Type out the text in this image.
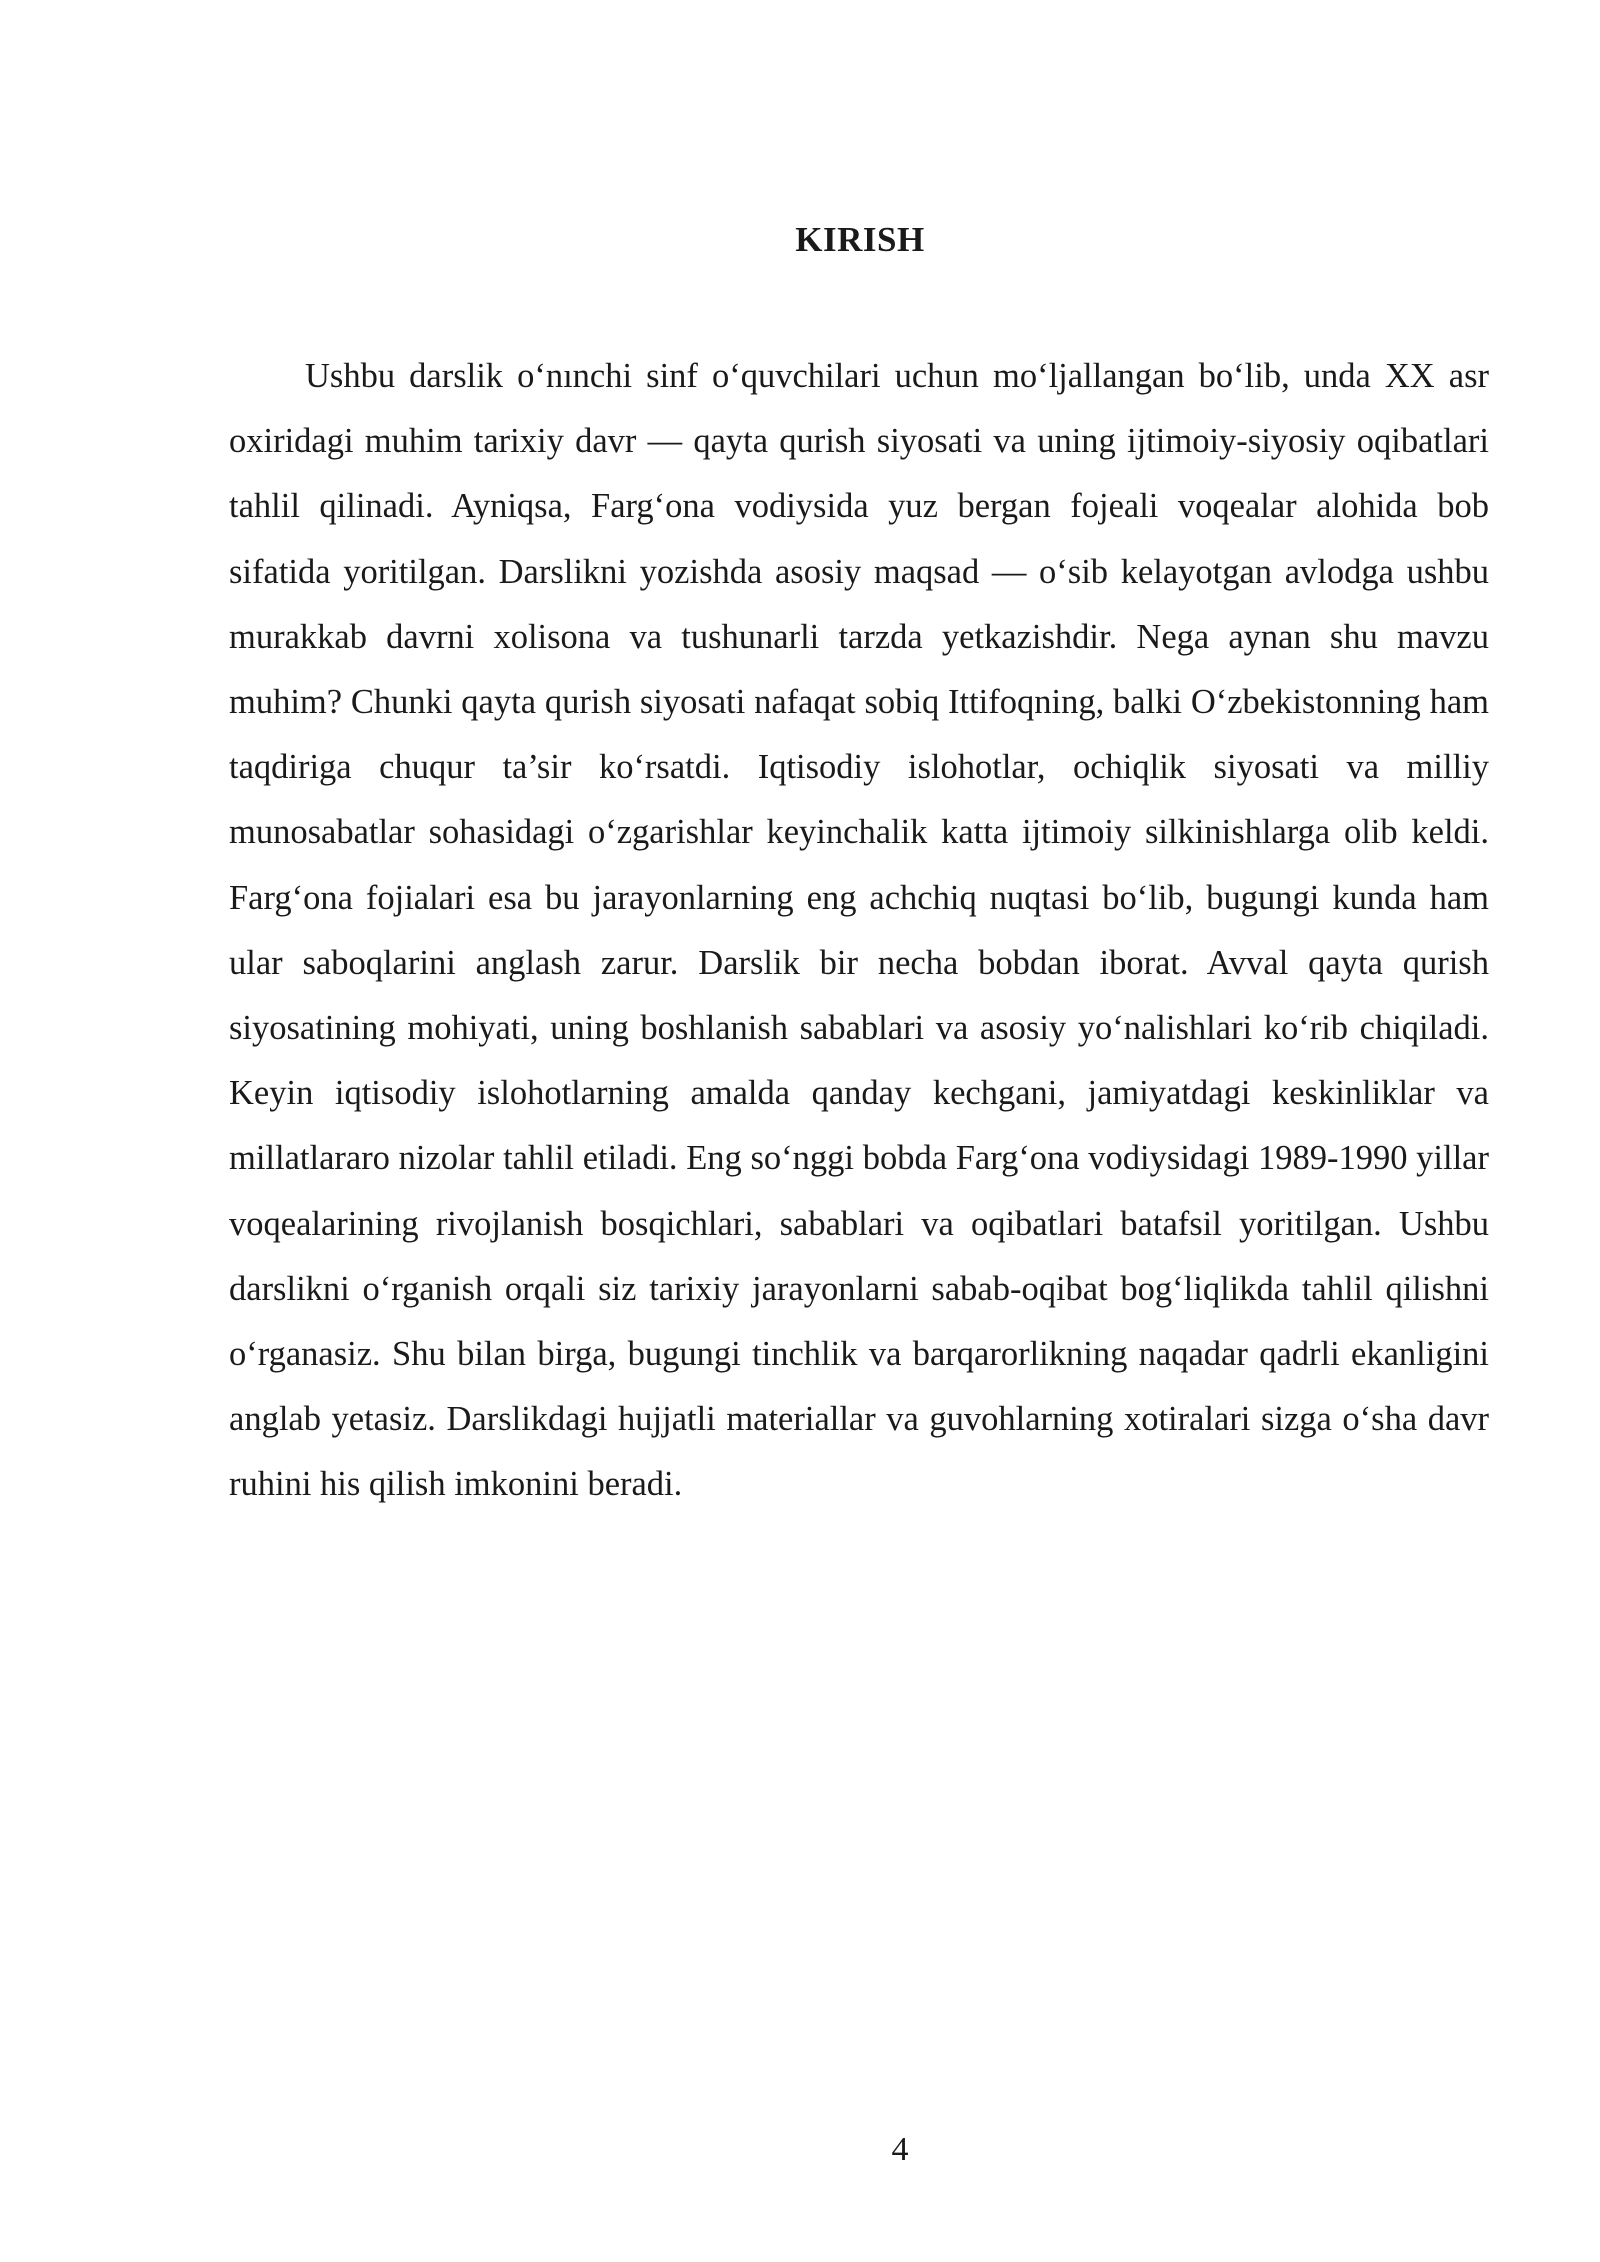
KIRISH

Ushbu darslik o‘nınchi sinf o‘quvchilari uchun mo‘ljallangan bo‘lib, unda XX asr oxiridagi muhim tarixiy davr — qayta qurish siyosati va uning ijtimoiy-siyosiy oqibatlari tahlil qilinadi. Ayniqsa, Farg‘ona vodiysida yuz bergan fojeali voqealar alohida bob sifatida yoritilgan. Darslikni yozishda asosiy maqsad — o‘sib kelayotgan avlodga ushbu murakkab davrni xolisona va tushunarli tarzda yetkazishdir. Nega aynan shu mavzu muhim? Chunki qayta qurish siyosati nafaqat sobiq Ittifoqning, balki O‘zbekistonning ham taqdiriga chuqur ta’sir ko‘rsatdi. Iqtisodiy islohotlar, ochiqlik siyosati va milliy munosabatlar sohasidagi o‘zgarishlar keyinchalik katta ijtimoiy silkinishlarga olib keldi. Farg‘ona fojialari esa bu jarayonlarning eng achchiq nuqtasi bo‘lib, bugungi kunda ham ular saboqlarini anglash zarur. Darslik bir necha bobdan iborat. Avval qayta qurish siyosatining mohiyati, uning boshlanish sabablari va asosiy yo‘nalishlari ko‘rib chiqiladi. Keyin iqtisodiy islohotlarning amalda qanday kechgani, jamiyatdagi keskinliklar va millatlararo nizolar tahlil etiladi. Eng so‘nggi bobda Farg‘ona vodiysidagi 1989-1990 yillar voqealarining rivojlanish bosqichlari, sabablari va oqibatlari batafsil yoritilgan. Ushbu darslikni o‘rganish orqali siz tarixiy jarayonlarni sabab-oqibat bog‘liqlikda tahlil qilishni o‘rganasiz. Shu bilan birga, bugungi tinchlik va barqarorlikning naqadar qadrli ekanligini anglab yetasiz. Darslikdagi hujjatli materiallar va guvohlarning xotiralari sizga o‘sha davr ruhini his qilish imkonini beradi.

4
